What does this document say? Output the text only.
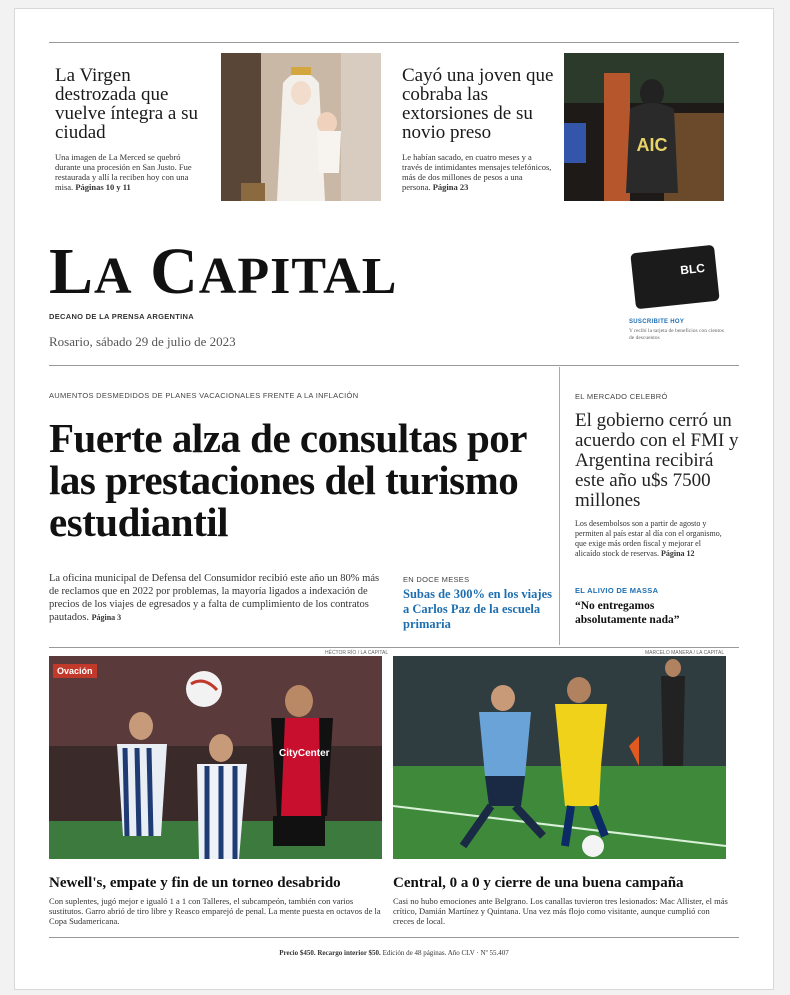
La Virgen destrozada que vuelve íntegra a su ciudad
Una imagen de La Merced se quebró durante una procesión en San Justo. Fue restaurada y allí la reciben hoy con una misa. Páginas 10 y 11
Cayó una joven que cobraba las extorsiones de su novio preso
Le habían sacado, en cuatro meses y a través de intimidantes mensajes telefónicos, más de dos millones de pesos a una persona. Página 23
AIC
LA CAPITAL
DECANO DE LA PRENSA ARGENTINA
Rosario, sábado 29 de julio de 2023
BLC
SUSCRIBITE HOY
Y recibí la tarjeta de beneficios con cientos de descuentos
AUMENTOS DESMEDIDOS DE PLANES VACACIONALES FRENTE A LA INFLACIÓN
Fuerte alza de consultas por las prestaciones del turismo estudiantil
La oficina municipal de Defensa del Consumidor recibió este año un 80% más de reclamos que en 2022 por problemas, la mayoría ligados a indexación de precios de los viajes de egresados y a falta de cumplimiento de los contratos pautados. Página 3
EN DOCE MESES
Subas de 300% en los viajes a Carlos Paz de la escuela primaria
EL MERCADO CELEBRÓ
El gobierno cerró un acuerdo con el FMI y Argentina recibirá este año u$s 7500 millones
Los desembolsos son a partir de agosto y permiten al país estar al día con el organismo, que exige más orden fiscal y mejorar el alicaído stock de reservas. Página 12
EL ALIVIO DE MASSA
“No entregamos absolutamente nada”
HÉCTOR RÍO / LA CAPITAL
CityCenter
Ovación
Newell's, empate y fin de un torneo desabrido
Con suplentes, jugó mejor e igualó 1 a 1 con Talleres, el subcampeón, también con varios sustitutos. Garro abrió de tiro libre y Reasco emparejó de penal. La mente puesta en octavos de la Copa Sudamericana.
MARCELO MANERA / LA CAPITAL
Central, 0 a 0 y cierre de una buena campaña
Casi no hubo emociones ante Belgrano. Los canallas tuvieron tres lesionados: Mac Allister, el más crítico, Damián Martínez y Quintana. Una vez más flojo como visitante, aunque cumplió con creces de local.
Precio $450. Recargo interior $50. Edición de 48 páginas. Año CLV · Nº 55.407
